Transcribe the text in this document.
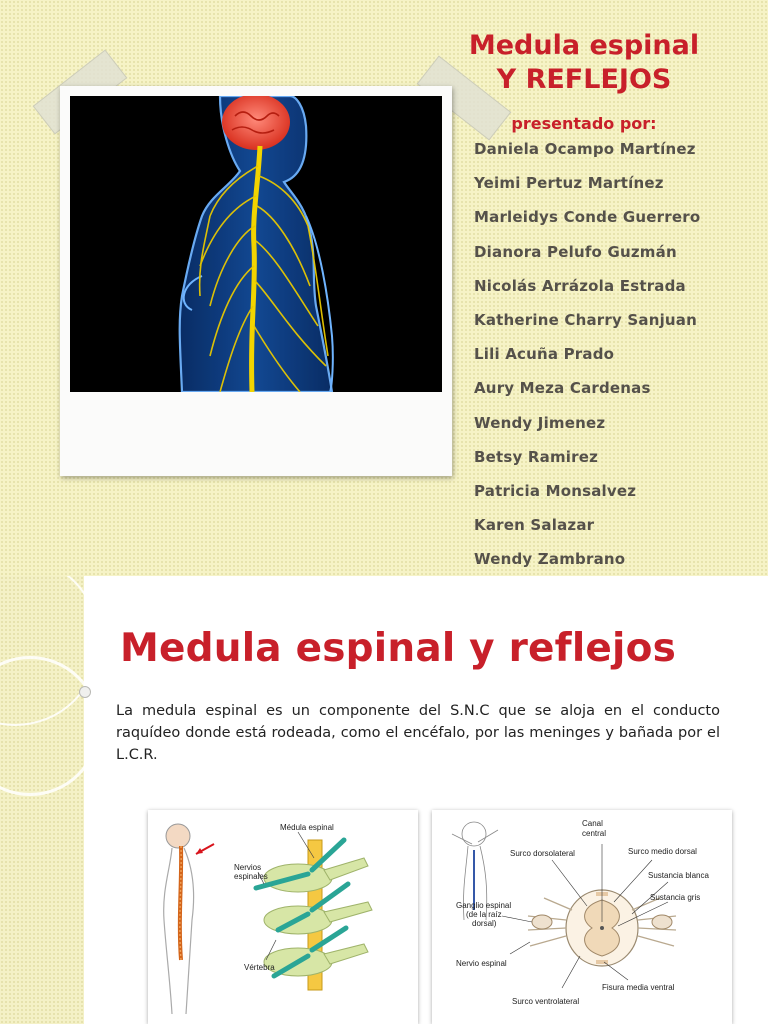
Medula espinal
Y REFLEJOS
presentado por:
Daniela Ocampo Martínez
Yeimi Pertuz Martínez
Marleidys Conde Guerrero
Dianora Pelufo Guzmán
Nicolás Arrázola Estrada
Katherine Charry Sanjuan
Lili Acuña Prado
Aury Meza Cardenas
Wendy Jimenez
Betsy Ramirez
Patricia Monsalvez
Karen Salazar
Wendy Zambrano
Medula espinal y reflejos

La medula espinal es un componente del S.N.C que se aloja en el conducto raquídeo donde está rodeada, como el encéfalo, por las meninges y bañada por el L.C.R.

Médula espinal
Nervios
espinales
Vértebra
Canal
central
Surco dorsolateral	Surco medio dorsal
Sustancia blanca
Sustancia gris
Ganglio espinal
(de la raíz
dorsal)
Nervio espinal
Fisura media ventral
Surco ventrolateral
